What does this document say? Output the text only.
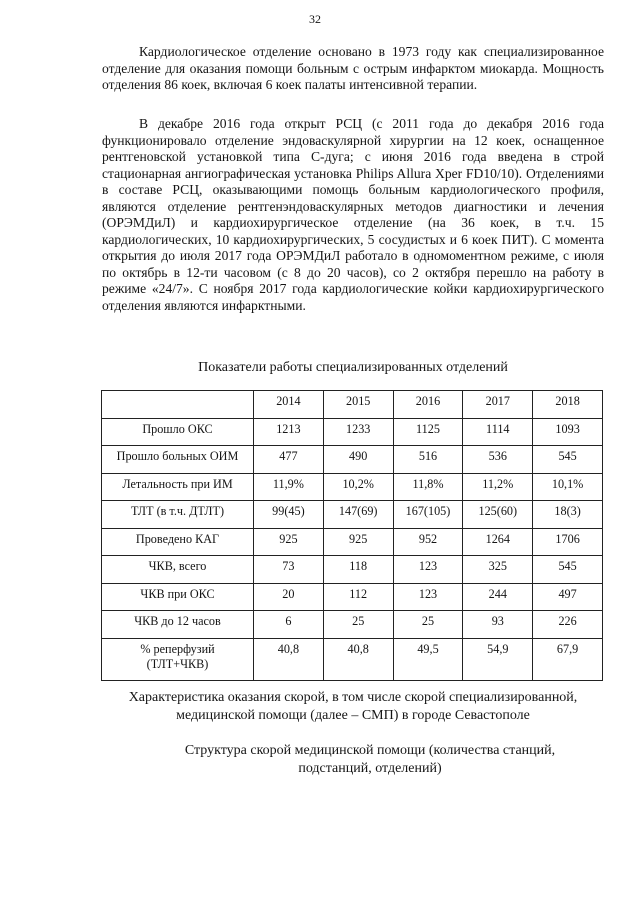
32

Кардиологическое отделение основано в 1973 году как специализированное отделение для оказания помощи больным с острым инфарктом миокарда. Мощность отделения 86 коек, включая 6 коек палаты интенсивной терапии.

В декабре 2016 года открыт РСЦ (с 2011 года до декабря 2016 года функционировало отделение эндоваскулярной хирургии на 12 коек, оснащенное рентгеновской установкой типа С-дуга; с июня 2016 года введена в строй стационарная ангиографическая установка Philips Allura Xper FD10/10). Отделениями в составе РСЦ, оказывающими помощь больным кардиологического профиля, являются отделение рентгенэндоваскулярных методов диагностики и лечения (ОРЭМДиЛ) и кардиохирургическое отделение (на 36 коек, в т.ч. 15 кардиологических, 10 кардиохирургических, 5 сосудистых и 6 коек ПИТ). С момента открытия до июля 2017 года ОРЭМДиЛ работало в одномоментном режиме, с июля по октябрь в 12-ти часовом (с 8 до 20 часов), со 2 октября перешло на работу в режиме «24/7». С ноября 2017 года кардиологические койки кардиохирургического отделения являются инфарктными.

Показатели работы специализированных отделений
	2014	2015	2016	2017	2018
Прошло ОКС	1213	1233	1125	1114	1093
Прошло больных ОИМ	477	490	516	536	545
Летальность при ИМ	11,9%	10,2%	11,8%	11,2%	10,1%
ТЛТ (в т.ч. ДТЛТ)	99(45)	147(69)	167(105)	125(60)	18(3)
Проведено КАГ	925	925	952	1264	1706
ЧКВ, всего	73	118	123	325	545
ЧКВ при ОКС	20	112	123	244	497
ЧКВ до 12 часов	6	25	25	93	226
% реперфузий
(ТЛТ+ЧКВ)	40,8	40,8	49,5	54,9	67,9
Характеристика оказания скорой, в том числе скорой специализированной,
медицинской помощи (далее – СМП) в городе Севастополе
Структура скорой медицинской помощи (количества станций,
подстанций, отделений)
